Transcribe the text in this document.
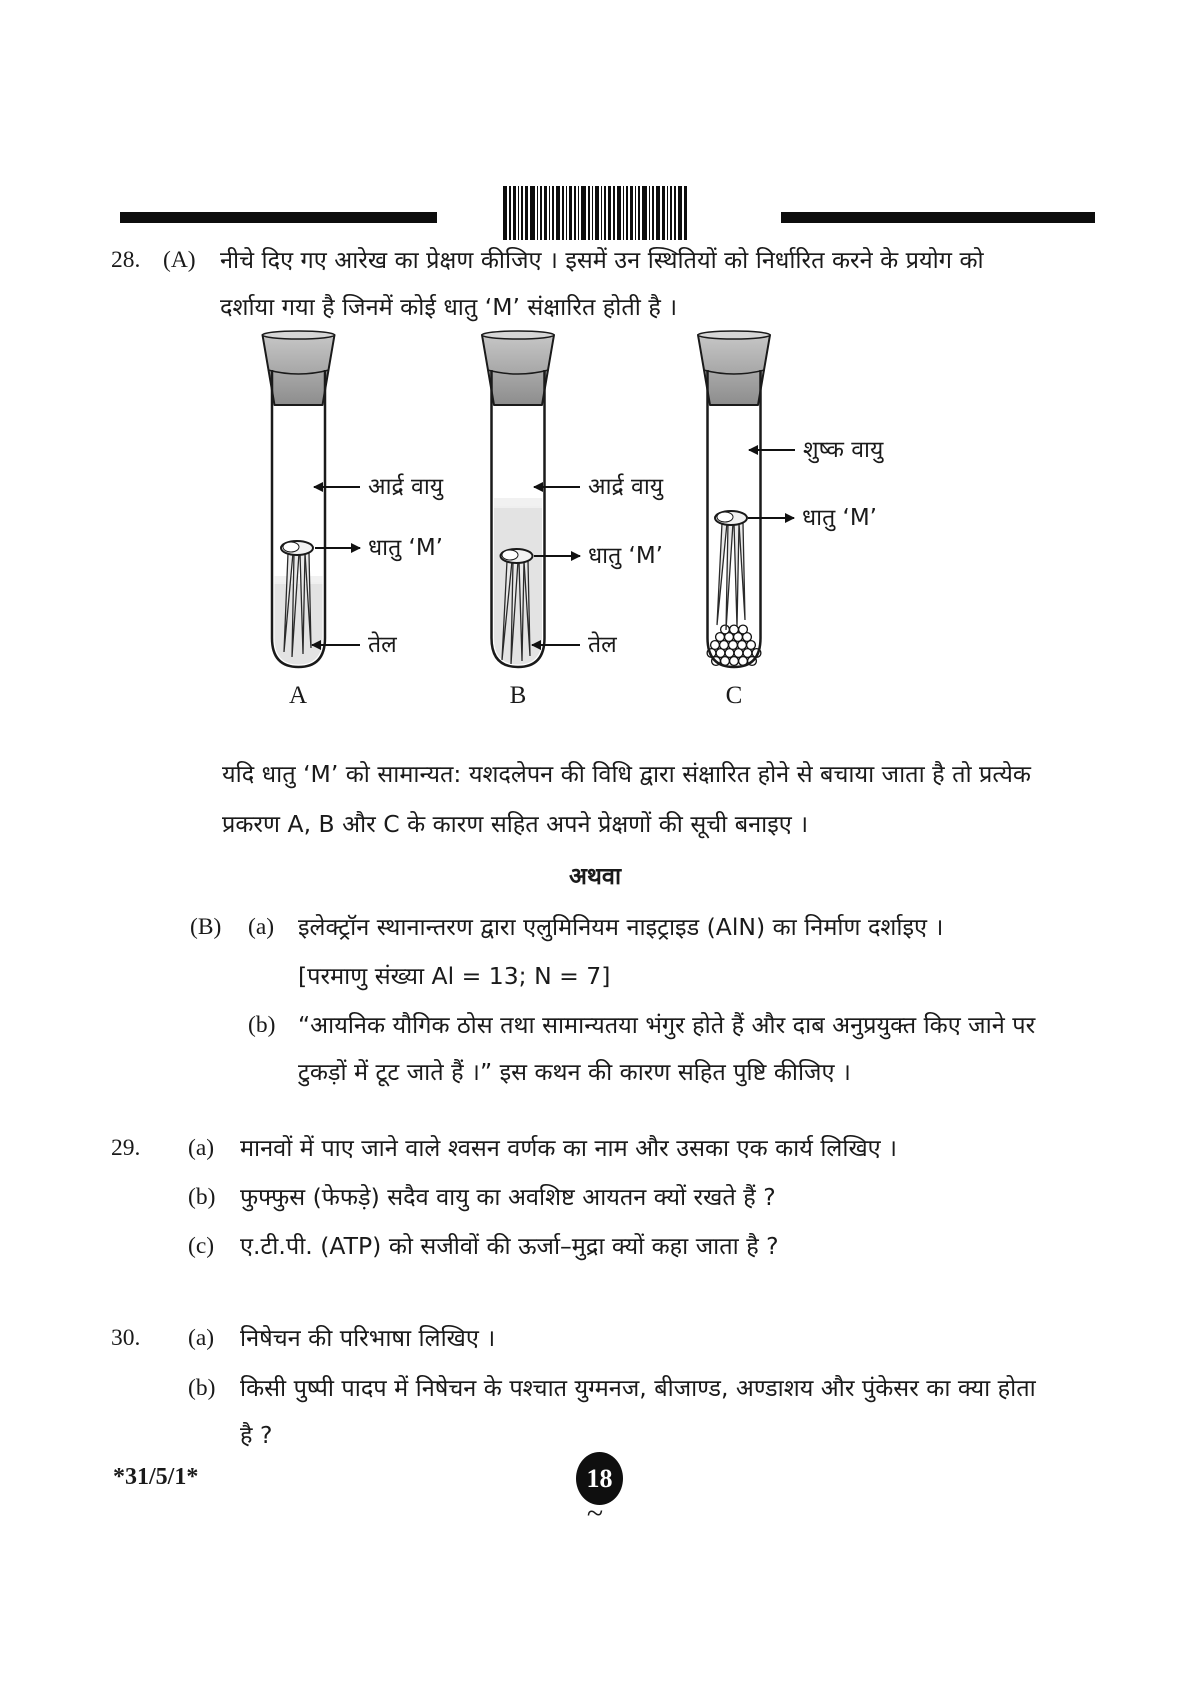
28. (A) नीचे दिए गए आरेख का प्रेक्षण कीजिए । इसमें उन स्थितियों को निर्धारित करने के प्रयोग को
दर्शाया गया है जिनमें कोई धातु ‘M’ संक्षारित होती है ।
आर्द्र वायु
धातु ‘M’
तेल
आर्द्र वायु
धातु ‘M’
तेल
शुष्क वायु
धातु ‘M’
A	B	C
यदि धातु ‘M’ को सामान्यत: यशदलेपन की विधि द्वारा संक्षारित होने से बचाया जाता है तो प्रत्येक
प्रकरण A, B और C के कारण सहित अपने प्रेक्षणों की सूची बनाइए ।
अथवा
(B) (a) इलेक्ट्रॉन स्थानान्तरण द्वारा एलुमिनियम नाइट्राइड (AlN) का निर्माण दर्शाइए ।
[परमाणु संख्या Al = 13; N = 7]
(b) “आयनिक यौगिक ठोस तथा सामान्यतया भंगुर होते हैं और दाब अनुप्रयुक्त किए जाने पर
टुकड़ों में टूट जाते हैं ।” इस कथन की कारण सहित पुष्टि कीजिए ।
29. (a) मानवों में पाए जाने वाले श्वसन वर्णक का नाम और उसका एक कार्य लिखिए ।
(b) फुफ्फुस (फेफड़े) सदैव वायु का अवशिष्ट आयतन क्यों रखते हैं ?
(c) ए.टी.पी. (ATP) को सजीवों की ऊर्जा–मुद्रा क्यों कहा जाता है ?
30. (a) निषेचन की परिभाषा लिखिए ।
(b) किसी पुष्पी पादप में निषेचन के पश्चात युग्मनज, बीजाण्ड, अण्डाशय और पुंकेसर का क्या होता
है ?
*31/5/1*	18
~
